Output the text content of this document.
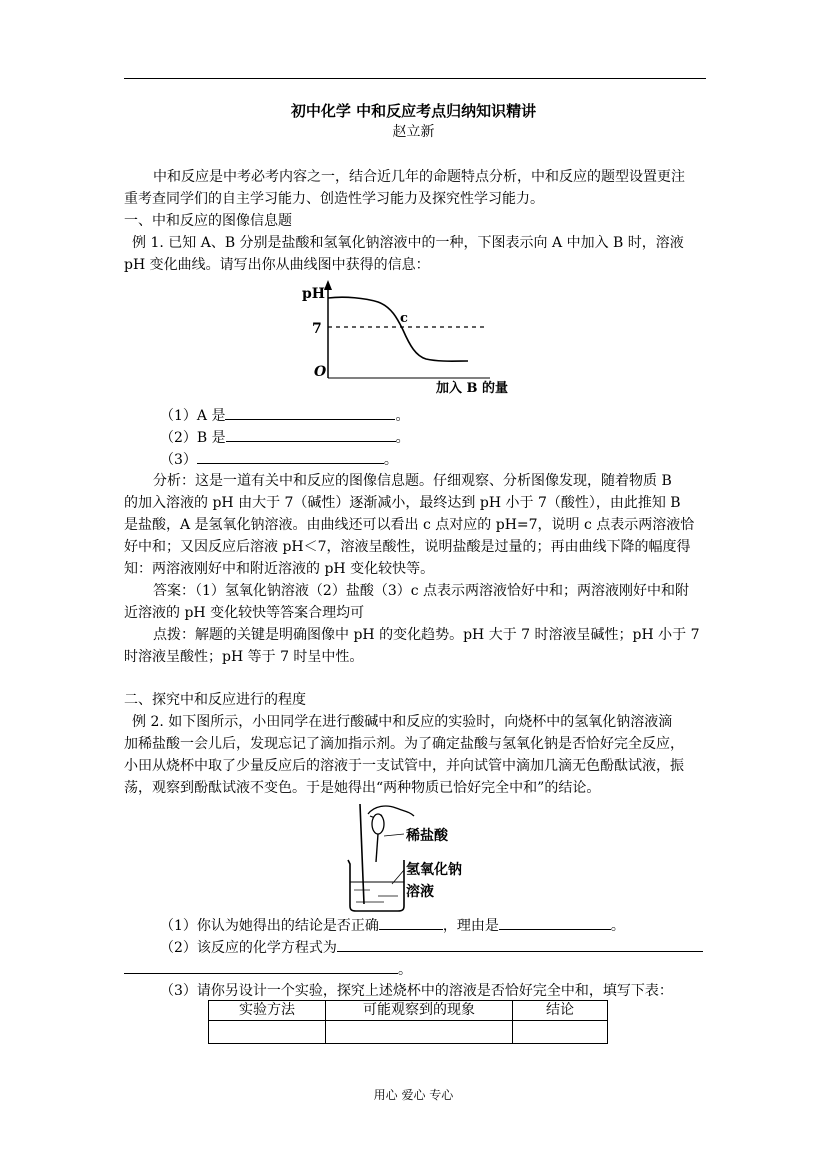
初中化学 中和反应考点归纳知识精讲
赵立新
中和反应是中考必考内容之一，结合近几年的命题特点分析，中和反应的题型设置更注
重考查同学们的自主学习能力、创造性学习能力及探究性学习能力。
一、中和反应的图像信息题
例 1. 已知 A、B 分别是盐酸和氢氧化钠溶液中的一种，下图表示向 A 中加入 B 时，溶液
pH 变化曲线。请写出你从曲线图中获得的信息：
pH
7
O
c
加入 B 的量
（1）A 是	。
（2）B 是	。
（3）	。
分析：这是一道有关中和反应的图像信息题。仔细观察、分析图像发现，随着物质 B
的加入溶液的 pH 由大于 7（碱性）逐渐减小，最终达到 pH 小于 7（酸性），由此推知 B
是盐酸，A 是氢氧化钠溶液。由曲线还可以看出 c 点对应的 pH=7，说明 c 点表示两溶液恰
好中和；又因反应后溶液 pH＜7，溶液呈酸性，说明盐酸是过量的；再由曲线下降的幅度得
知：两溶液刚好中和附近溶液的 pH 变化较快等。
答案：（1）氢氧化钠溶液（2）盐酸（3）c 点表示两溶液恰好中和；两溶液刚好中和附
近溶液的 pH 变化较快等答案合理均可
点拨：解题的关键是明确图像中 pH 的变化趋势。pH 大于 7 时溶液呈碱性；pH 小于 7
时溶液呈酸性；pH 等于 7 时呈中性。
二、探究中和反应进行的程度
例 2. 如下图所示，小田同学在进行酸碱中和反应的实验时，向烧杯中的氢氧化钠溶液滴
加稀盐酸一会儿后，发现忘记了滴加指示剂。为了确定盐酸与氢氧化钠是否恰好完全反应，
小田从烧杯中取了少量反应后的溶液于一支试管中，并向试管中滴加几滴无色酚酞试液，振
荡，观察到酚酞试液不变色。于是她得出“两种物质已恰好完全中和”的结论。
稀盐酸
氢氧化钠
溶液
（1）你认为她得出的结论是否正确	，理由是	。
（2）该反应的化学方程式为
。
（3）请你另设计一个实验，探究上述烧杯中的溶液是否恰好完全中和，填写下表：
实验方法	可能观察到的现象	结论

用心 爱心 专心
